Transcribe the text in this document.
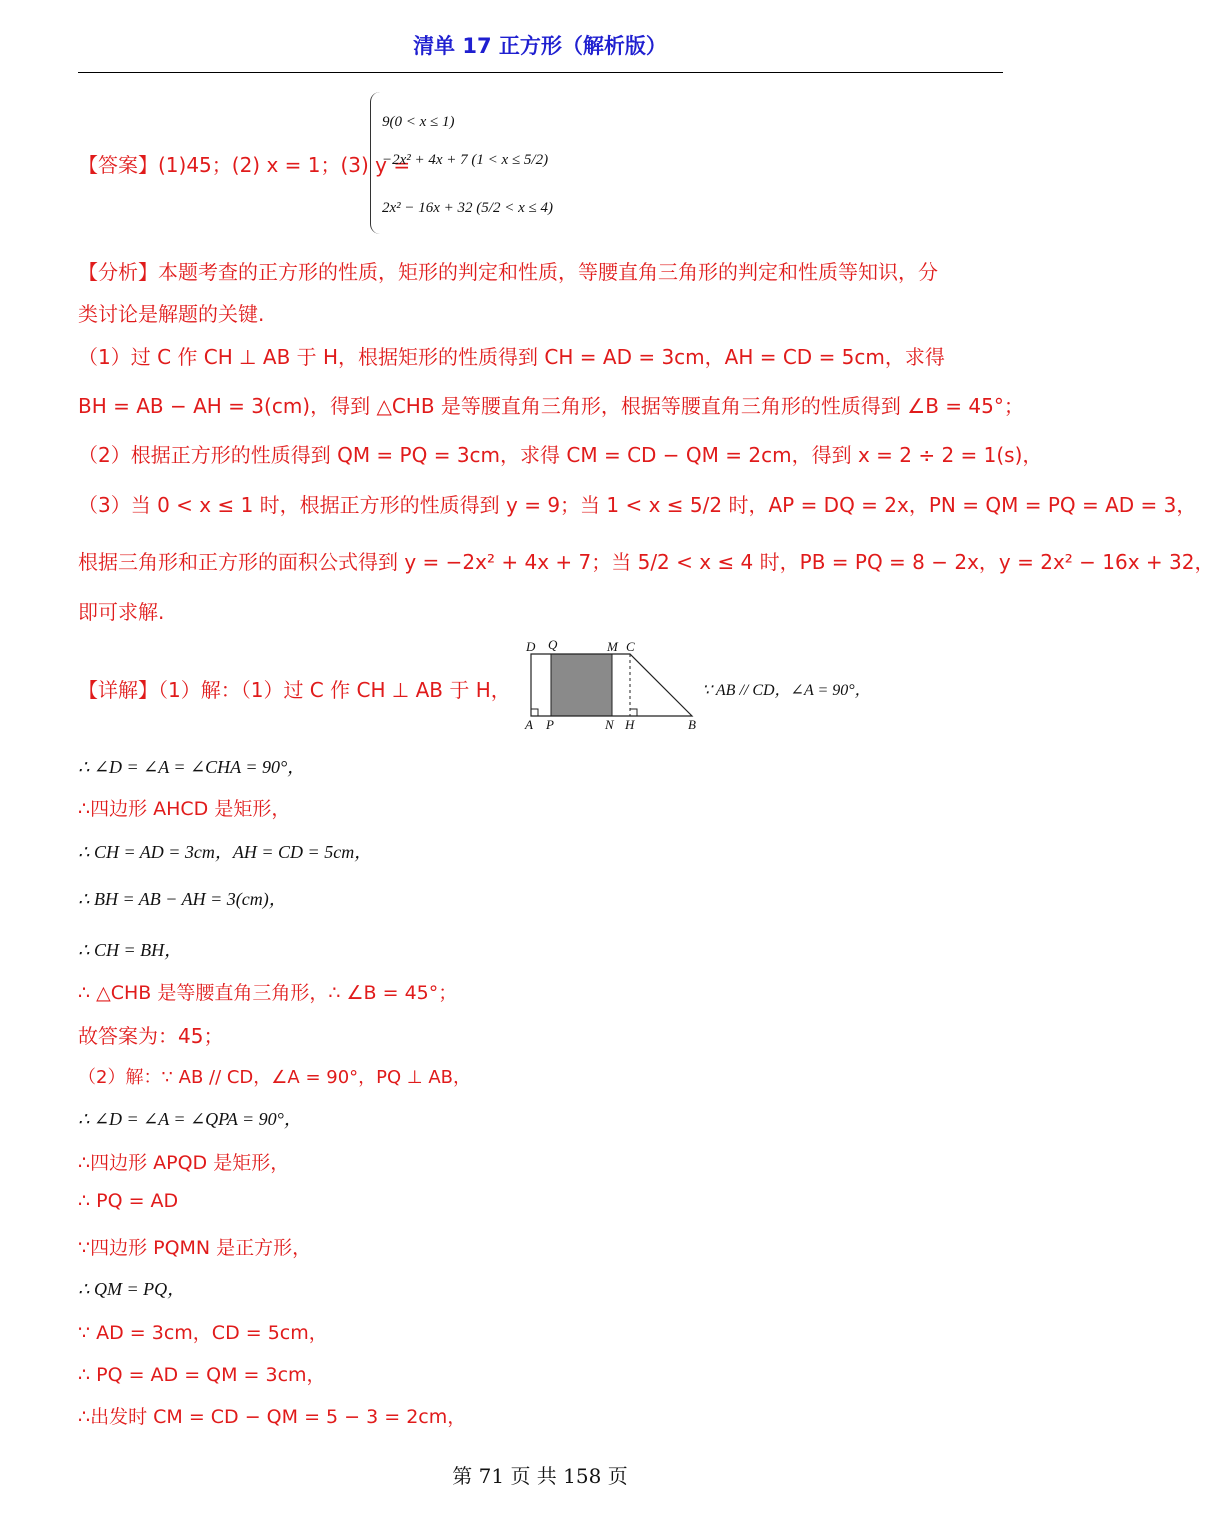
清单 17 正方形（解析版）
【答案】(1)45；(2) x = 1；(3) y =
9(0 < x ≤ 1)
−2x² + 4x + 7 (1 < x ≤ 5/2)
2x² − 16x + 32 (5/2 < x ≤ 4)
【分析】本题考查的正方形的性质，矩形的判定和性质，等腰直角三角形的判定和性质等知识，分
类讨论是解题的关键.
（1）过 C 作 CH ⊥ AB 于 H，根据矩形的性质得到 CH = AD = 3cm，AH = CD = 5cm，求得
BH = AB − AH = 3(cm)，得到 △CHB 是等腰直角三角形，根据等腰直角三角形的性质得到 ∠B = 45°；
（2）根据正方形的性质得到 QM = PQ = 3cm，求得 CM = CD − QM = 2cm，得到 x = 2 ÷ 2 = 1(s)，
（3）当 0 < x ≤ 1 时，根据正方形的性质得到 y = 9；当 1 < x ≤ 5/2 时，AP = DQ = 2x，PN = QM = PQ = AD = 3，
根据三角形和正方形的面积公式得到 y = −2x² + 4x + 7；当 5/2 < x ≤ 4 时，PB = PQ = 8 − 2x，y = 2x² − 16x + 32，
即可求解.
【详解】（1）解：（1）过 C 作 CH ⊥ AB 于 H，
D Q	M C
A P	N H	B
∵ AB // CD，∠A = 90°，
∴ ∠D = ∠A = ∠CHA = 90°，
∴四边形 AHCD 是矩形，
∴ CH = AD = 3cm，AH = CD = 5cm，
∴ BH = AB − AH = 3(cm)，
∴ CH = BH，
∴ △CHB 是等腰直角三角形，∴ ∠B = 45°；
故答案为：45；
（2）解：∵ AB // CD，∠A = 90°，PQ ⊥ AB，
∴ ∠D = ∠A = ∠QPA = 90°，
∴四边形 APQD 是矩形，
∴ PQ = AD
∵四边形 PQMN 是正方形，
∴ QM = PQ，
∵ AD = 3cm，CD = 5cm，
∴ PQ = AD = QM = 3cm，
∴出发时 CM = CD − QM = 5 − 3 = 2cm，
第 71 页 共 158 页
